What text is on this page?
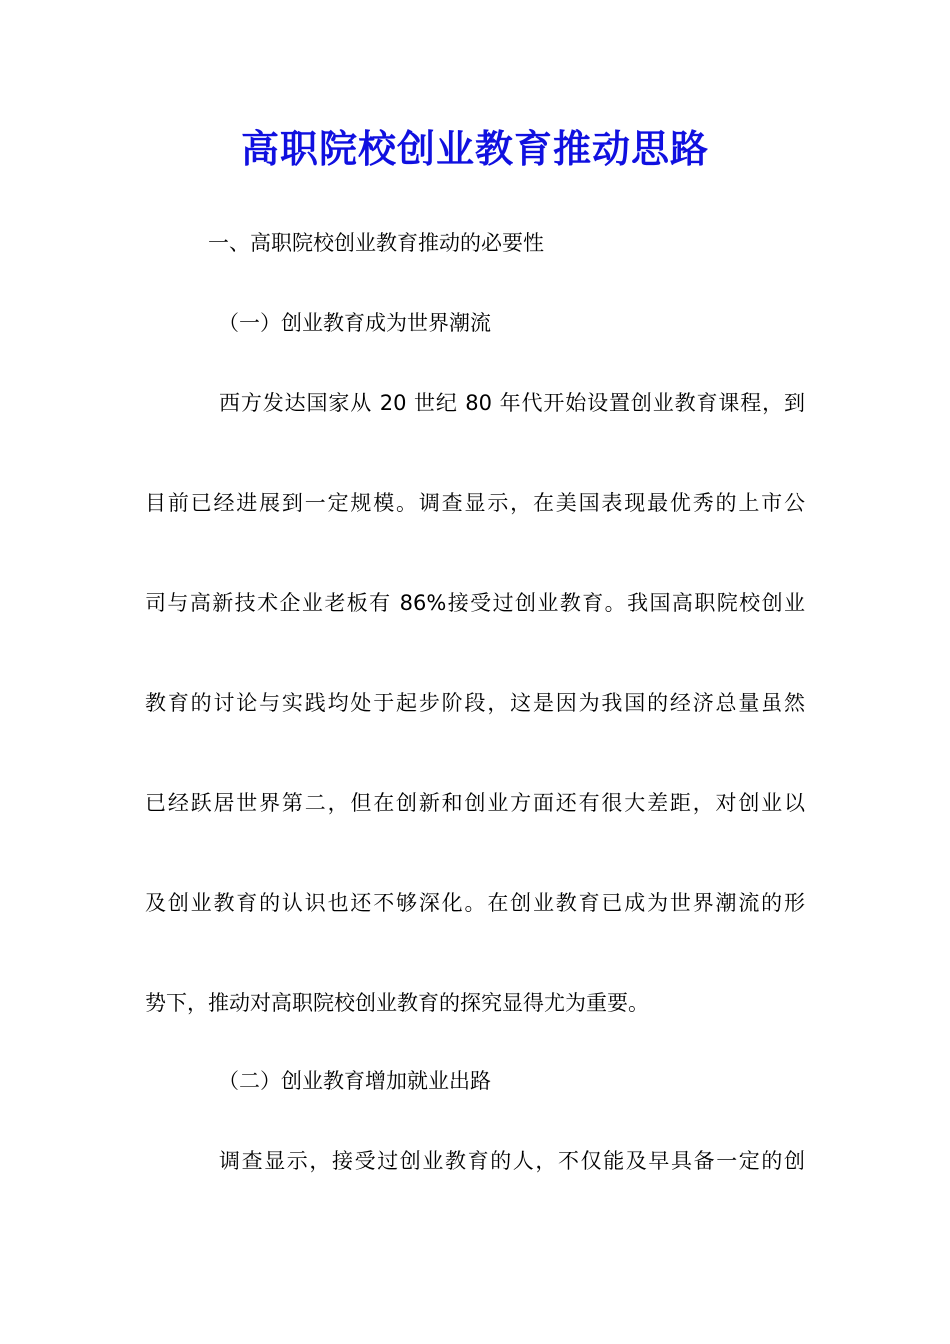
高职院校创业教育推动思路
一、高职院校创业教育推动的必要性
（一）创业教育成为世界潮流
西方发达国家从 20 世纪 80 年代开始设置创业教育课程，到
目前已经进展到一定规模。调查显示，在美国表现最优秀的上市公
司与高新技术企业老板有 86%接受过创业教育。我国高职院校创业
教育的讨论与实践均处于起步阶段，这是因为我国的经济总量虽然
已经跃居世界第二，但在创新和创业方面还有很大差距，对创业以
及创业教育的认识也还不够深化。在创业教育已成为世界潮流的形
势下，推动对高职院校创业教育的探究显得尤为重要。
（二）创业教育增加就业出路
调查显示，接受过创业教育的人，不仅能及早具备一定的创
